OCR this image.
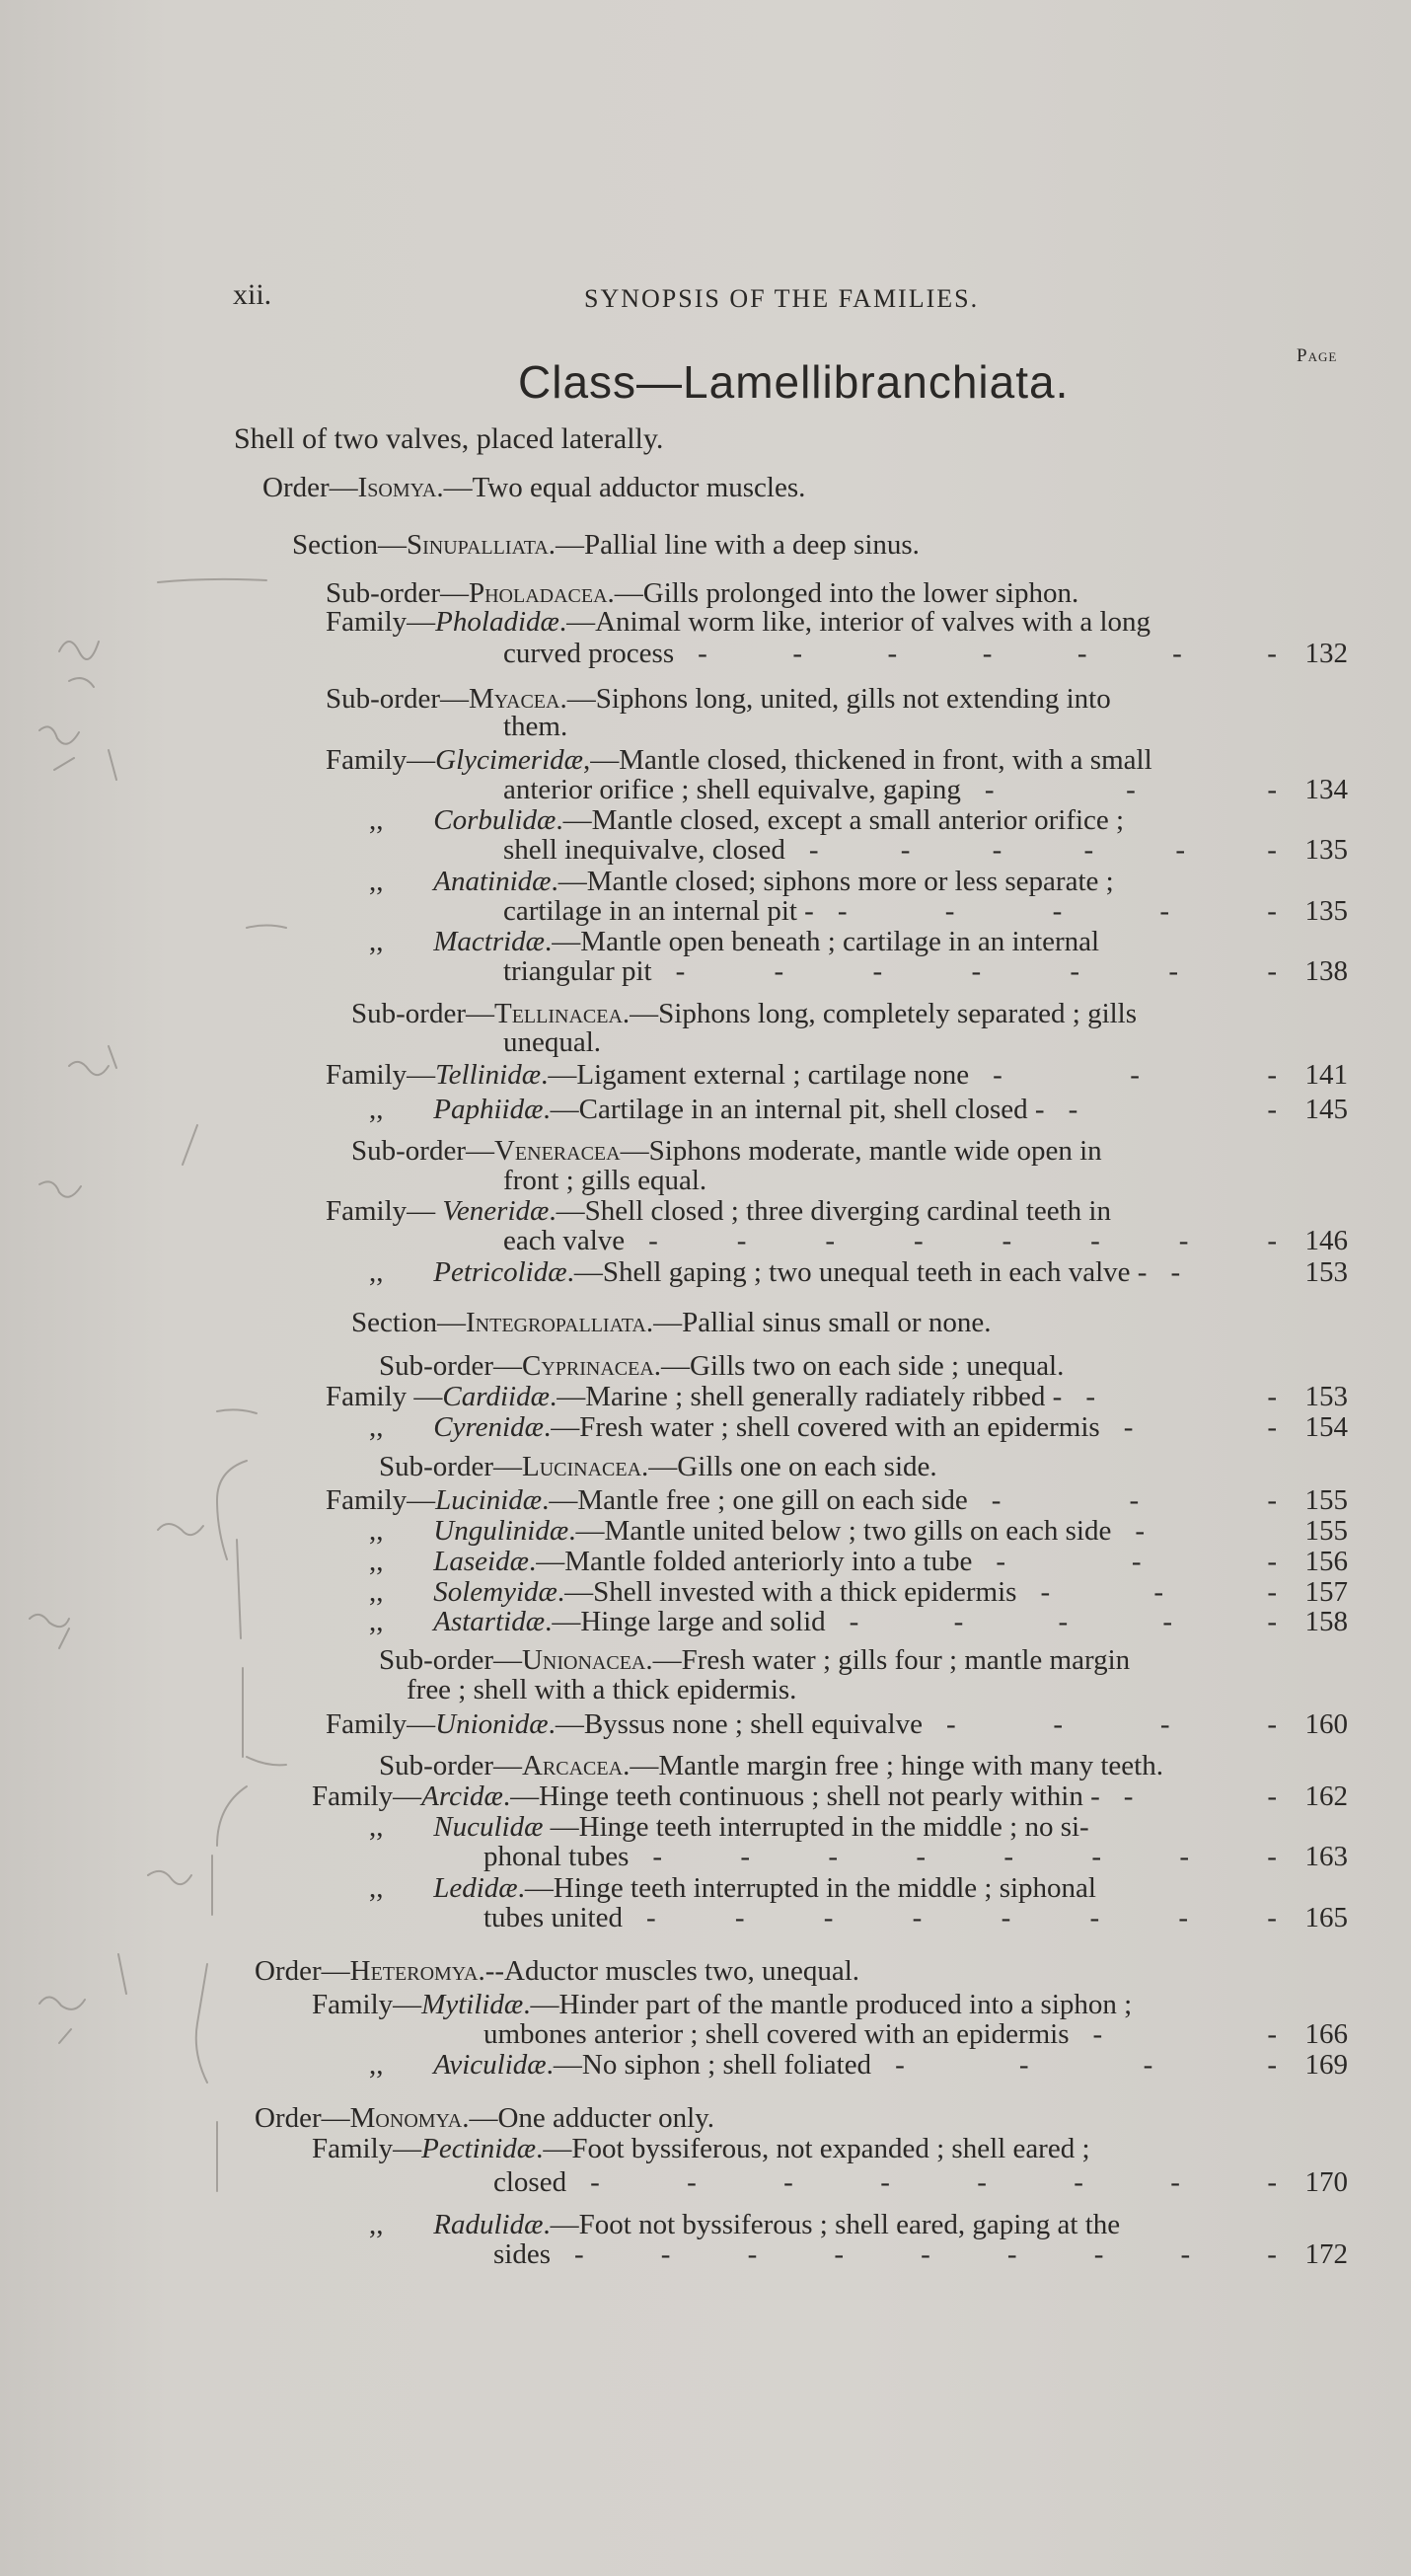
xii.	SYNOPSIS OF THE FAMILIES.
Page
Class—Lamellibranchiata.
Shell of two valves, placed laterally.
Order—Isomya.—Two equal adductor muscles.
Section—Sinupalliata.—Pallial line with a deep sinus.
Sub-order—Pholadacea.—Gills prolonged into the lower siphon.
Family—Pholadidæ.—Animal worm like, interior of valves with a long
curved process -	-	-	-	-	-	- 132
Sub-order—Myacea.—Siphons long, united, gills not extending into
them.
Family—Glycimeridæ,—Mantle closed, thickened in front, with a small
anterior orifice ; shell equivalve, gaping -	-	- 134
,,       Corbulidæ.—Mantle closed, except a small anterior orifice ;
shell inequivalve, closed -	-	-	-	-	- 135
,,       Anatinidæ.—Mantle closed; siphons more or less separate ;
cartilage in an internal pit - -	-	-	-	- 135
,,       Mactridæ.—Mantle open beneath ; cartilage in an internal
triangular pit -	-	-	-	-	-	- 138
Sub-order—Tellinacea.—Siphons long, completely separated ; gills
unequal.
Family—Tellinidæ.—Ligament external ; cartilage none -	-	- 141
,,       Paphiidæ.—Cartilage in an internal pit, shell closed - -	- 145
Sub-order—Veneracea—Siphons moderate, mantle wide open in
front ; gills equal.
Family— Veneridæ.—Shell closed ; three diverging cardinal teeth in
each valve -	-	-	-	-	-	-	- 146
,,       Petricolidæ.—Shell gaping ; two unequal teeth in each valve - -	153
Section—Integropalliata.—Pallial sinus small or none.
Sub-order—Cyprinacea.—Gills two on each side ; unequal.
Family —Cardiidæ.—Marine ; shell generally radiately ribbed - -	- 153
,,       Cyrenidæ.—Fresh water ; shell covered with an epidermis -	- 154
Sub-order—Lucinacea.—Gills one on each side.
Family—Lucinidæ.—Mantle free ; one gill on each side -	-	- 155
,,       Ungulinidæ.—Mantle united below ; two gills on each side -	155
,,       Laseidæ.—Mantle folded anteriorly into a tube -	-	- 156
,,       Solemyidæ.—Shell invested with a thick epidermis -	-	- 157
,,       Astartidæ.—Hinge large and solid -	-	-	-	- 158
Sub-order—Unionacea.—Fresh water ; gills four ; mantle margin
free ; shell with a thick epidermis.
Family—Unionidæ.—Byssus none ; shell equivalve -	-	-	- 160
Sub-order—Arcacea.—Mantle margin free ; hinge with many teeth.
Family—Arcidæ.—Hinge teeth continuous ; shell not pearly within - -	- 162
,,       Nuculidæ —Hinge teeth interrupted in the middle ; no si-
phonal tubes -	-	-	-	-	-	-	- 163
,,       Ledidæ.—Hinge teeth interrupted in the middle ; siphonal
tubes united -	-	-	-	-	-	-	- 165
Order—Heteromya.--Aductor muscles two, unequal.
Family—Mytilidæ.—Hinder part of the mantle produced into a siphon ;
umbones anterior ; shell covered with an epidermis -	- 166
,,       Aviculidæ.—No siphon ; shell foliated -	-	-	- 169
Order—Monomya.—One adducter only.
Family—Pectinidæ.—Foot byssiferous, not expanded ; shell eared ;
closed -	-	-	-	-	-	-	- 170
,,       Radulidæ.—Foot not byssiferous ; shell eared, gaping at the
sides -	-	-	-	-	-	-	-	- 172
